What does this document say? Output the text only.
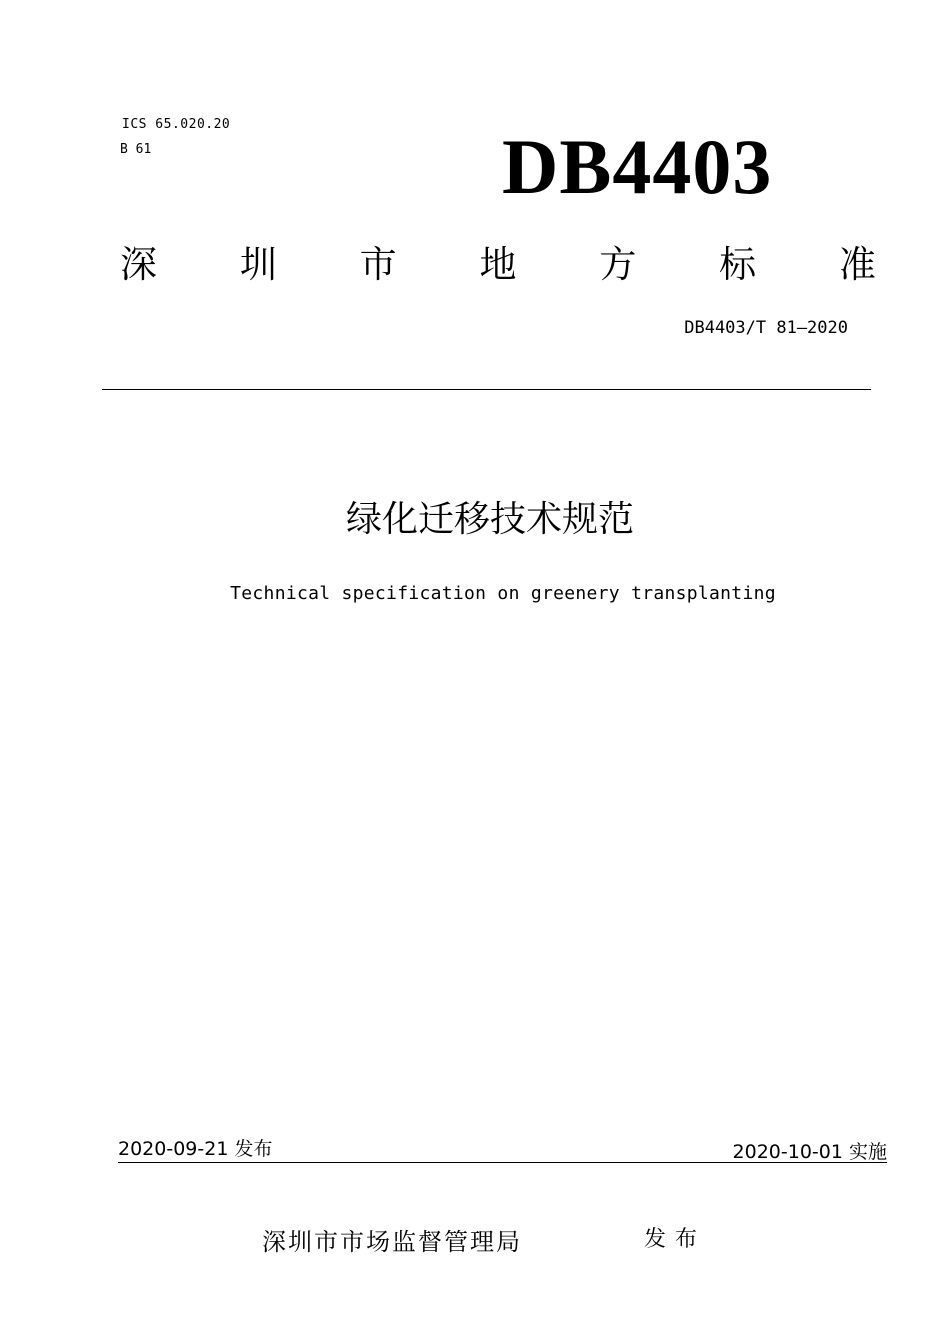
ICS 65.020.20
B 61	DB4403
深 圳 市 地 方 标 准
DB4403/T 81—2020
绿化迁移技术规范
Technical specification on greenery transplanting
2020-09-21 发布	2020-10-01 实施
深圳市市场监督管理局	发布
